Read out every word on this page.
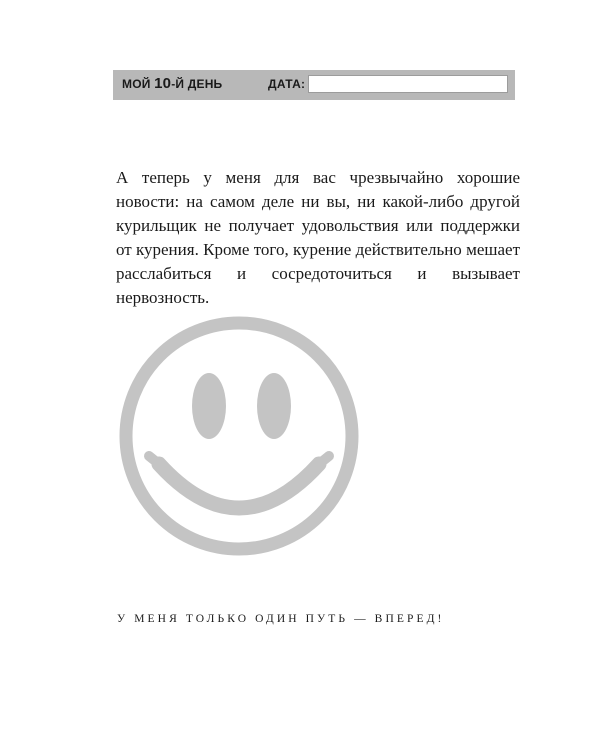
МОЙ 10-Й ДЕНЬ	ДАТА:

А теперь у меня для вас чрезвычайно хорошие новости: на самом деле ни вы, ни какой-либо другой курильщик не получает удовольствия или поддержки от курения. Кроме того, курение действительно мешает расслабиться и сосредоточиться и вызывает нервозность.

У МЕНЯ ТОЛЬКО ОДИН ПУТЬ — ВПЕРЕД!
